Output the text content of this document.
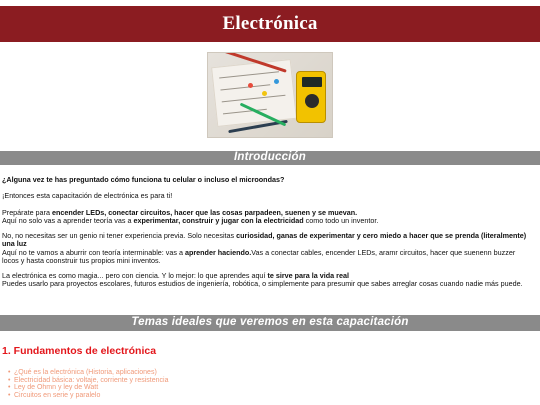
Electrónica
Introducción

¿Alguna vez te has preguntado cómo funciona tu celular o incluso el microondas?

¡Entonces esta capacitación de electrónica es para ti!

Prepárate para encender LEDs, conectar circuitos, hacer que las cosas parpadeen, suenen y se muevan.
Aquí no solo vas a aprender teoría vas a experimentar, construir y jugar con la electricidad como todo un inventor.

No, no necesitas ser un genio ni tener experiencia previa. Solo necesitas curiosidad, ganas de experimentar y cero miedo a hacer que se prenda (literalmente) una luz
Aquí no te vamos a aburrir con teoría interminable: vas a aprender haciendo.Vas a conectar cables, encender LEDs, aramr circuitos, hacer que suenenn buzzer locos y hasta coonstruir tus propios mini inventos.

La electrónica es como magia... pero con ciencia. Y lo mejor: lo que aprendes aquí te sirve para la vida real
Puedes usarlo para proyectos escolares, futuros estudios de ingeniería, robótica, o simplemente para presumir que sabes arreglar cosas cuando nadie más puede.

Temas ideales que veremos en esta capacitación
1. Fundamentos de electrónica
• ¿Qué es la electrónica (Historia, aplicaciones)
• Electricidad básica: voltaje, corriente y resistencia
• Ley de Ohmn y ley de Watt
• Circuitos en serie y paralelo
